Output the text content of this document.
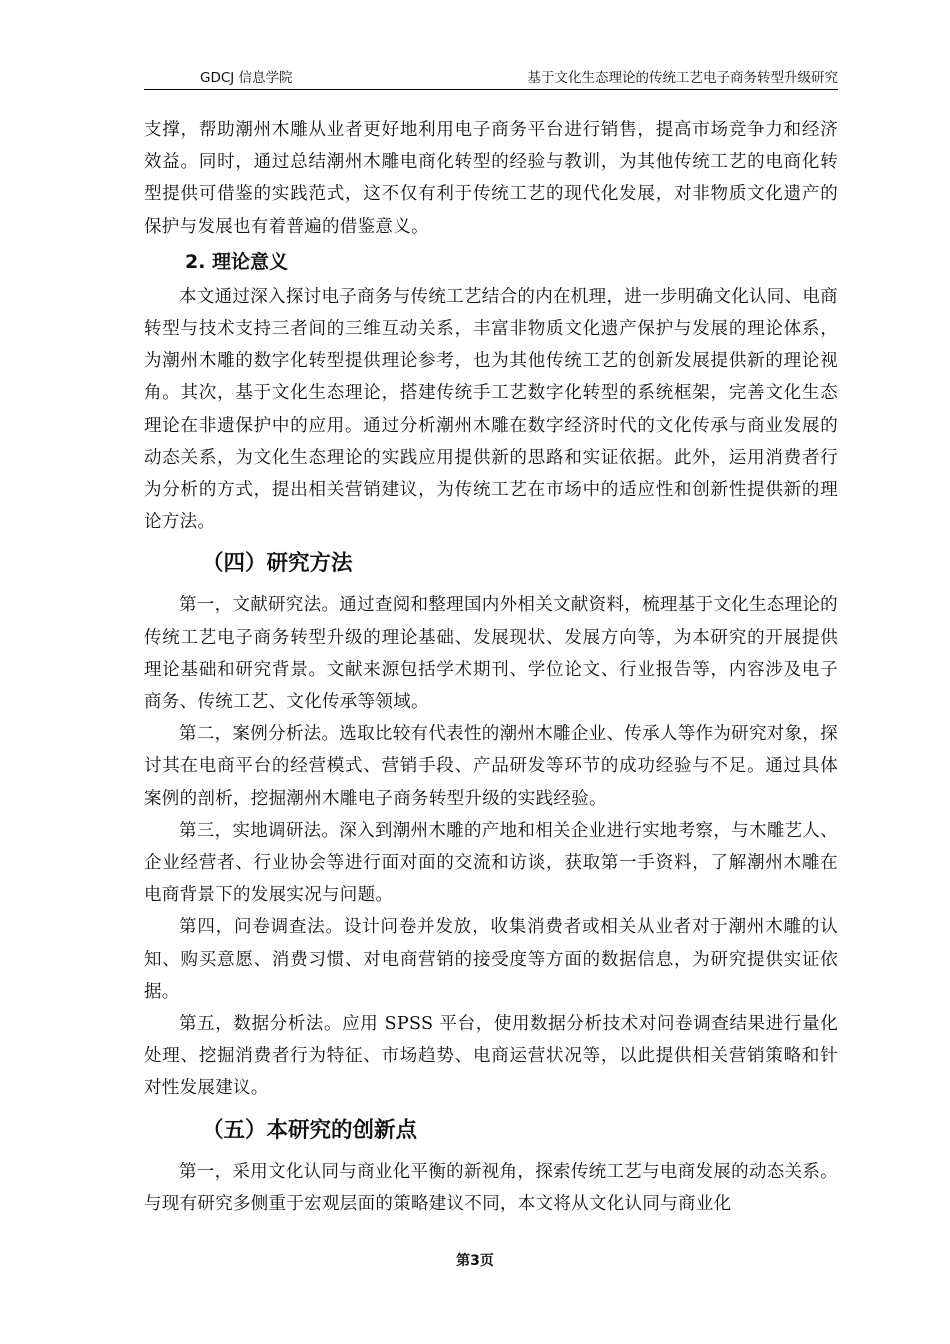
GDCJ 信息学院	基于文化生态理论的传统工艺电子商务转型升级研究

支撑，帮助潮州木雕从业者更好地利用电子商务平台进行销售，提高市场竞争力和经济效益。同时，通过总结潮州木雕电商化转型的经验与教训，为其他传统工艺的电商化转型提供可借鉴的实践范式，这不仅有利于传统工艺的现代化发展，对非物质文化遗产的保护与发展也有着普遍的借鉴意义。

2. 理论意义

本文通过深入探讨电子商务与传统工艺结合的内在机理，进一步明确文化认同、电商转型与技术支持三者间的三维互动关系，丰富非物质文化遗产保护与发展的理论体系，为潮州木雕的数字化转型提供理论参考，也为其他传统工艺的创新发展提供新的理论视角。其次，基于文化生态理论，搭建传统手工艺数字化转型的系统框架，完善文化生态理论在非遗保护中的应用。通过分析潮州木雕在数字经济时代的文化传承与商业发展的动态关系，为文化生态理论的实践应用提供新的思路和实证依据。此外，运用消费者行为分析的方式，提出相关营销建议，为传统工艺在市场中的适应性和创新性提供新的理论方法。

（四）研究方法

第一，文献研究法。通过查阅和整理国内外相关文献资料，梳理基于文化生态理论的传统工艺电子商务转型升级的理论基础、发展现状、发展方向等，为本研究的开展提供理论基础和研究背景。文献来源包括学术期刊、学位论文、行业报告等，内容涉及电子商务、传统工艺、文化传承等领域。

第二，案例分析法。选取比较有代表性的潮州木雕企业、传承人等作为研究对象，探讨其在电商平台的经营模式、营销手段、产品研发等环节的成功经验与不足。通过具体案例的剖析，挖掘潮州木雕电子商务转型升级的实践经验。

第三，实地调研法。深入到潮州木雕的产地和相关企业进行实地考察，与木雕艺人、企业经营者、行业协会等进行面对面的交流和访谈，获取第一手资料，了解潮州木雕在电商背景下的发展实况与问题。

第四，问卷调查法。设计问卷并发放，收集消费者或相关从业者对于潮州木雕的认知、购买意愿、消费习惯、对电商营销的接受度等方面的数据信息，为研究提供实证依据。

第五，数据分析法。应用 SPSS 平台，使用数据分析技术对问卷调查结果进行量化处理、挖掘消费者行为特征、市场趋势、电商运营状况等，以此提供相关营销策略和针对性发展建议。

（五）本研究的创新点

第一，采用文化认同与商业化平衡的新视角，探索传统工艺与电商发展的动态关系。与现有研究多侧重于宏观层面的策略建议不同，本文将从文化认同与商业化

第3页
